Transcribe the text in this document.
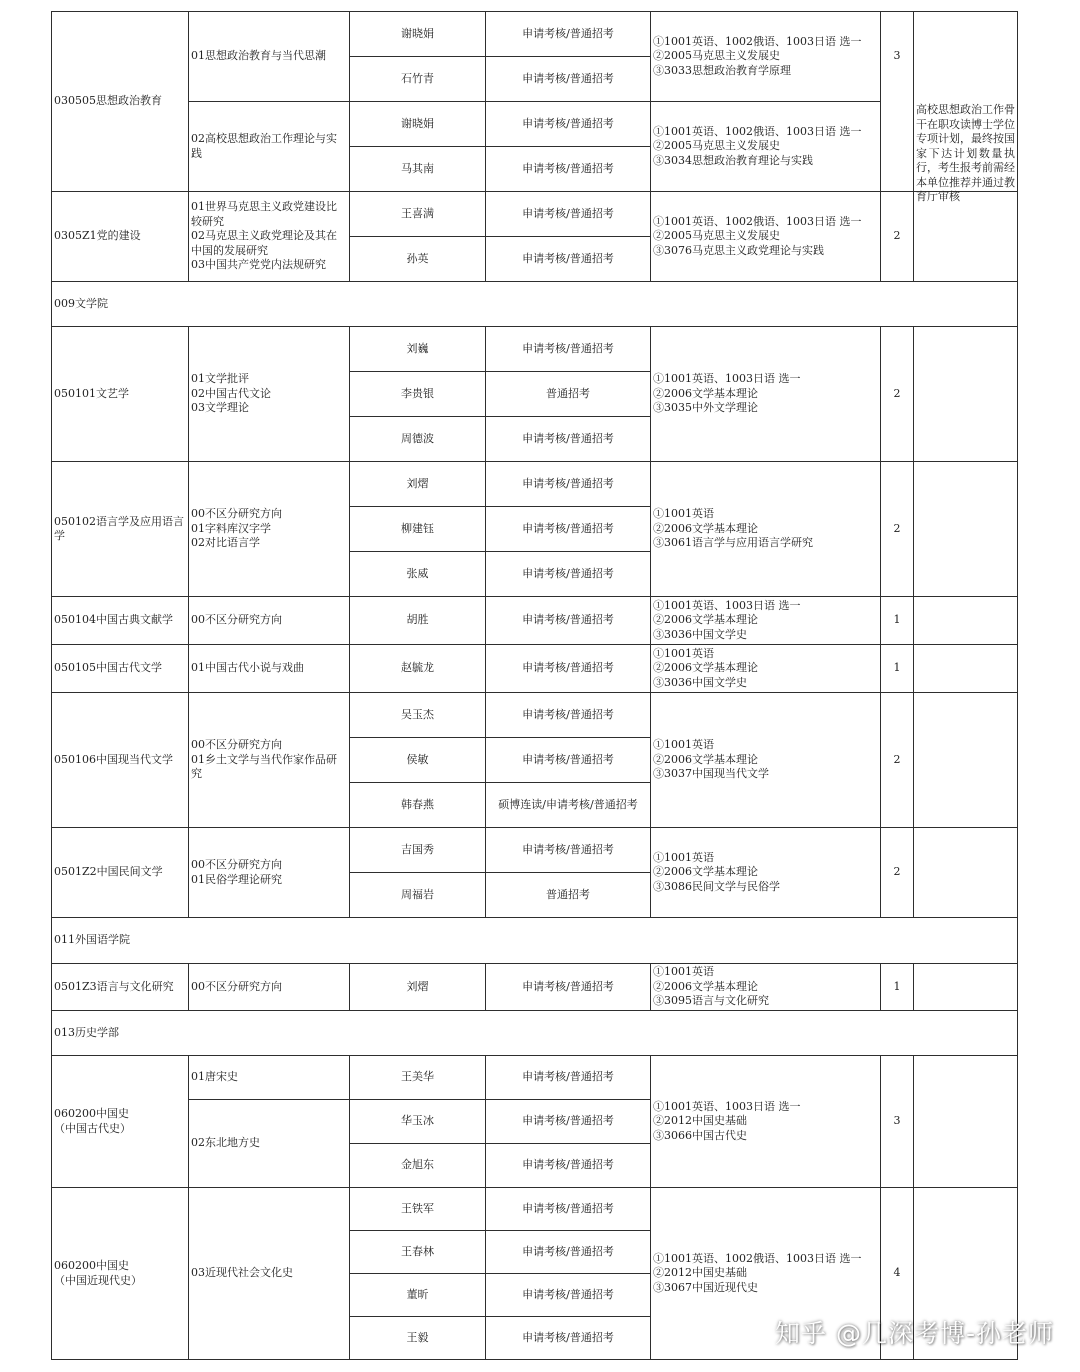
030505思想政治教育	01思想政治教育与当代思潮	谢晓娟	申请考核/普通招考	①1001英语、1002俄语、1003日语 选一
②2005马克思主义发展史
③3033思想政治教育学原理	3	高校思想政治工作骨干在职攻读博士学位专项计划，最终按国家下达计划数量执行，考生报考前需经本单位推荐并通过教育厅审核

		石竹青	申请考核/普通招考			
	02高校思想政治工作理论与实践	谢晓娟	申请考核/普通招考	①1001英语、1002俄语、1003日语 选一
②2005马克思主义发展史
③3034思想政治教育理论与实践		
		马其南	申请考核/普通招考			
0305Z1党的建设	01世界马克思主义政党建设比较研究
02马克思主义政党理论及其在中国的发展研究
03中国共产党党内法规研究	王喜满	申请考核/普通招考	①1001英语、1002俄语、1003日语 选一
②2005马克思主义发展史
③3076马克思主义政党理论与实践	2	
		孙英	申请考核/普通招考			
009文学院						
050101文艺学	01文学批评
02中国古代文论
03文学理论	刘巍	申请考核/普通招考	①1001英语、1003日语 选一
②2006文学基本理论
③3035中外文学理论	2	
		李贵银	普通招考			
		周德波	申请考核/普通招考			
050102语言学及应用语言学	00不区分研究方向
01字料库汉字学
02对比语言学	刘熠	申请考核/普通招考	①1001英语
②2006文学基本理论
③3061语言学与应用语言学研究	2	
		柳建钰	申请考核/普通招考			
		张威	申请考核/普通招考			
050104中国古典文献学	00不区分研究方向	胡胜	申请考核/普通招考	①1001英语、1003日语 选一
②2006文学基本理论
③3036中国文学史	1	
050105中国古代文学	01中国古代小说与戏曲	赵毓龙	申请考核/普通招考	①1001英语
②2006文学基本理论
③3036中国文学史	1	
050106中国现当代文学	00不区分研究方向
01乡土文学与当代作家作品研究	吴玉杰	申请考核/普通招考	①1001英语
②2006文学基本理论
③3037中国现当代文学	2	
		侯敏	申请考核/普通招考			
		韩春燕	硕博连读/申请考核/普通招考			
0501Z2中国民间文学	00不区分研究方向
01民俗学理论研究	吉国秀	申请考核/普通招考	①1001英语
②2006文学基本理论
③3086民间文学与民俗学	2	
		周福岩	普通招考			
011外国语学院						
0501Z3语言与文化研究	00不区分研究方向	刘熠	申请考核/普通招考	①1001英语
②2006文学基本理论
③3095语言与文化研究	1	
013历史学部						
060200中国史
（中国古代史）	01唐宋史	王美华	申请考核/普通招考	①1001英语、1003日语 选一
②2012中国史基础
③3066中国古代史	3	
	02东北地方史	华玉冰	申请考核/普通招考			
		金旭东	申请考核/普通招考			
060200中国史
（中国近现代史）	03近现代社会文化史	王铁军	申请考核/普通招考	①1001英语、1002俄语、1003日语 选一
②2012中国史基础
③3067中国近现代史	4	
		王春林	申请考核/普通招考			
		董昕	申请考核/普通招考			
		王毅	申请考核/普通招考				知乎 @几深考博-孙老师
